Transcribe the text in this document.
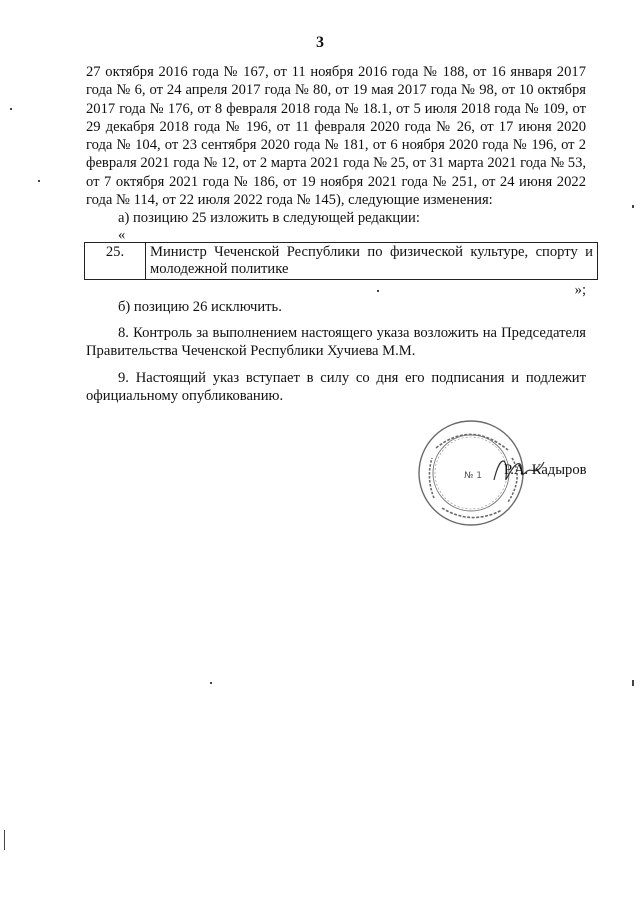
3

27 октября 2016 года № 167, от 11 ноября 2016 года № 188, от 16 января 2017 года № 6, от 24 апреля 2017 года № 80, от 19 мая 2017 года № 98, от 10 октября 2017 года № 176, от 8 февраля 2018 года № 18.1, от 5 июля 2018 года № 109, от 29 декабря 2018 года № 196, от 11 февраля 2020 года № 26, от 17 июня 2020 года № 104, от 23 сентября 2020 года № 181, от 6 ноября 2020 года № 196, от 2 февраля 2021 года № 12, от 2 марта 2021 года № 25, от 31 марта 2021 года № 53, от 7 октября 2021 года № 186, от 19 ноября 2021 года № 251, от 24 июня 2022 года № 114, от 22 июля 2022 года № 145), следующие изменения:

а) позицию 25 изложить в следующей редакции:

«

25.	Министр Чеченской Республики по физической культуре, спорту и молодежной политике

»;

б) позицию 26 исключить.

8. Контроль за выполнением настоящего указа возложить на Председателя Правительства Чеченской Республики Хучиева М.М.

9. Настоящий указ вступает в силу со дня его подписания и подлежит официальному опубликованию.

№ 1 Р.А. Кадыров
